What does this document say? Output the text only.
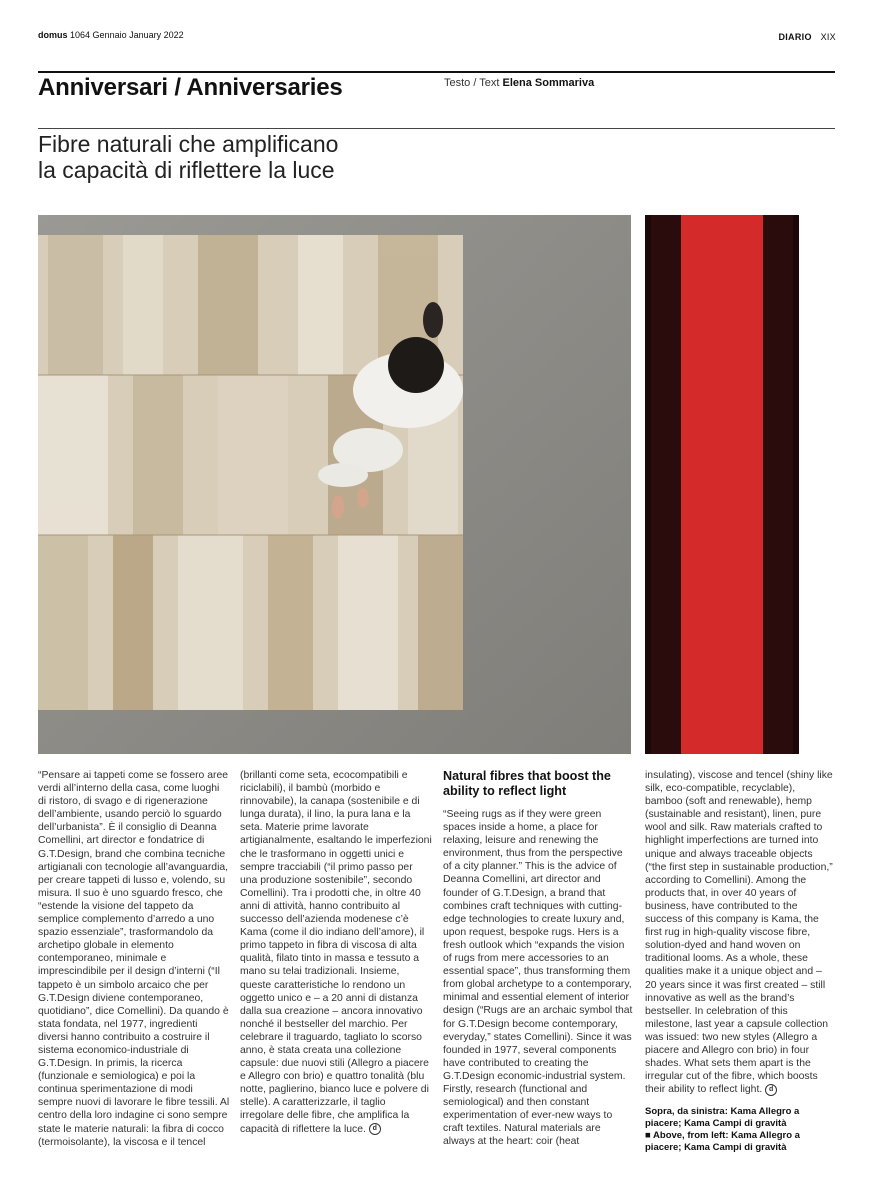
domus 1064 Gennaio January 2022	DIARIO XIX
Anniversari / Anniversaries	Testo / Text Elena Sommariva
Fibre naturali che amplificano
la capacità di riflettere la luce
“Pensare ai tappeti come se fossero aree verdi all’interno della casa, come luoghi di ristoro, di svago e di rigenerazione dell’ambiente, usando perciò lo sguardo dell’urbanista”. È il consiglio di Deanna Comellini, art director e fondatrice di G.T.Design, brand che combina tecniche artigianali con tecnologie all’avanguardia, per creare tappeti di lusso e, volendo, su misura. Il suo è uno sguardo fresco, che “estende la visione del tappeto da semplice complemento d’arredo a uno spazio essenziale”, trasformandolo da archetipo globale in elemento contemporaneo, minimale e imprescindibile per il design d’interni (“Il tappeto è un simbolo arcaico che per G.T.Design diviene contemporaneo, quotidiano”, dice Comellini). Da quando è stata fondata, nel 1977, ingredienti diversi hanno contribuito a costruire il sistema economico-industriale di G.T.Design. In primis, la ricerca (funzionale e semiologica) e poi la continua sperimentazione di modi sempre nuovi di lavorare le fibre tessili. Al centro della loro indagine ci sono sempre state le materie naturali: la fibra di cocco (termoisolante), la viscosa e il tencel
(brillanti come seta, ecocompatibili e riciclabili), il bambù (morbido e rinnovabile), la canapa (sostenibile e di lunga durata), il lino, la pura lana e la seta. Materie prime lavorate artigianalmente, esaltando le imperfezioni che le trasformano in oggetti unici e sempre tracciabili (“il primo passo per una produzione sostenibile”, secondo Comellini). Tra i prodotti che, in oltre 40 anni di attività, hanno contribuito al successo dell’azienda modenese c’è Kama (come il dio indiano dell’amore), il primo tappeto in fibra di viscosa di alta qualità, filato tinto in massa e tessuto a mano su telai tradizionali. Insieme, queste caratteristiche lo rendono un oggetto unico e – a 20 anni di distanza dalla sua creazione – ancora innovativo nonché il bestseller del marchio. Per celebrare il traguardo, tagliato lo scorso anno, è stata creata una collezione capsule: due nuovi stili (Allegro a piacere e Allegro con brio) e quattro tonalità (blu notte, paglierino, bianco luce e polvere di stelle). A caratterizzarle, il taglio irregolare delle fibre, che amplifica la capacità di riflettere la luce. d
Natural fibres that boost the ability to reflect light
“Seeing rugs as if they were green spaces inside a home, a place for relaxing, leisure and renewing the environment, thus from the perspective of a city planner.” This is the advice of Deanna Comellini, art director and founder of G.T.Design, a brand that combines craft techniques with cutting-edge technologies to create luxury and, upon request, bespoke rugs. Hers is a fresh outlook which “expands the vision of rugs from mere accessories to an essential space”, thus transforming them from global archetype to a contemporary, minimal and essential element of interior design (“Rugs are an archaic symbol that for G.T.Design become contemporary, everyday,” states Comellini). Since it was founded in 1977, several components have contributed to creating the G.T.Design economic-industrial system. Firstly, research (functional and semiological) and then constant experimentation of ever-new ways to craft textiles. Natural materials are always at the heart: coir (heat
insulating), viscose and tencel (shiny like silk, eco-compatible, recyclable), bamboo (soft and renewable), hemp (sustainable and resistant), linen, pure wool and silk. Raw materials crafted to highlight imperfections are turned into unique and always traceable objects (“the first step in sustainable production,” according to Comellini). Among the products that, in over 40 years of business, have contributed to the success of this company is Kama, the first rug in high-quality viscose fibre, solution-dyed and hand woven on traditional looms. As a whole, these qualities make it a unique object and – 20 years since it was first created – still innovative as well as the brand’s bestseller. In celebration of this milestone, last year a capsule collection was issued: two new styles (Allegro a piacere and Allegro con brio) in four shades. What sets them apart is the irregular cut of the fibre, which boosts their ability to reflect light. d
Sopra, da sinistra: Kama Allegro a piacere; Kama Campi di gravità
■ Above, from left: Kama Allegro a piacere; Kama Campi di gravità
